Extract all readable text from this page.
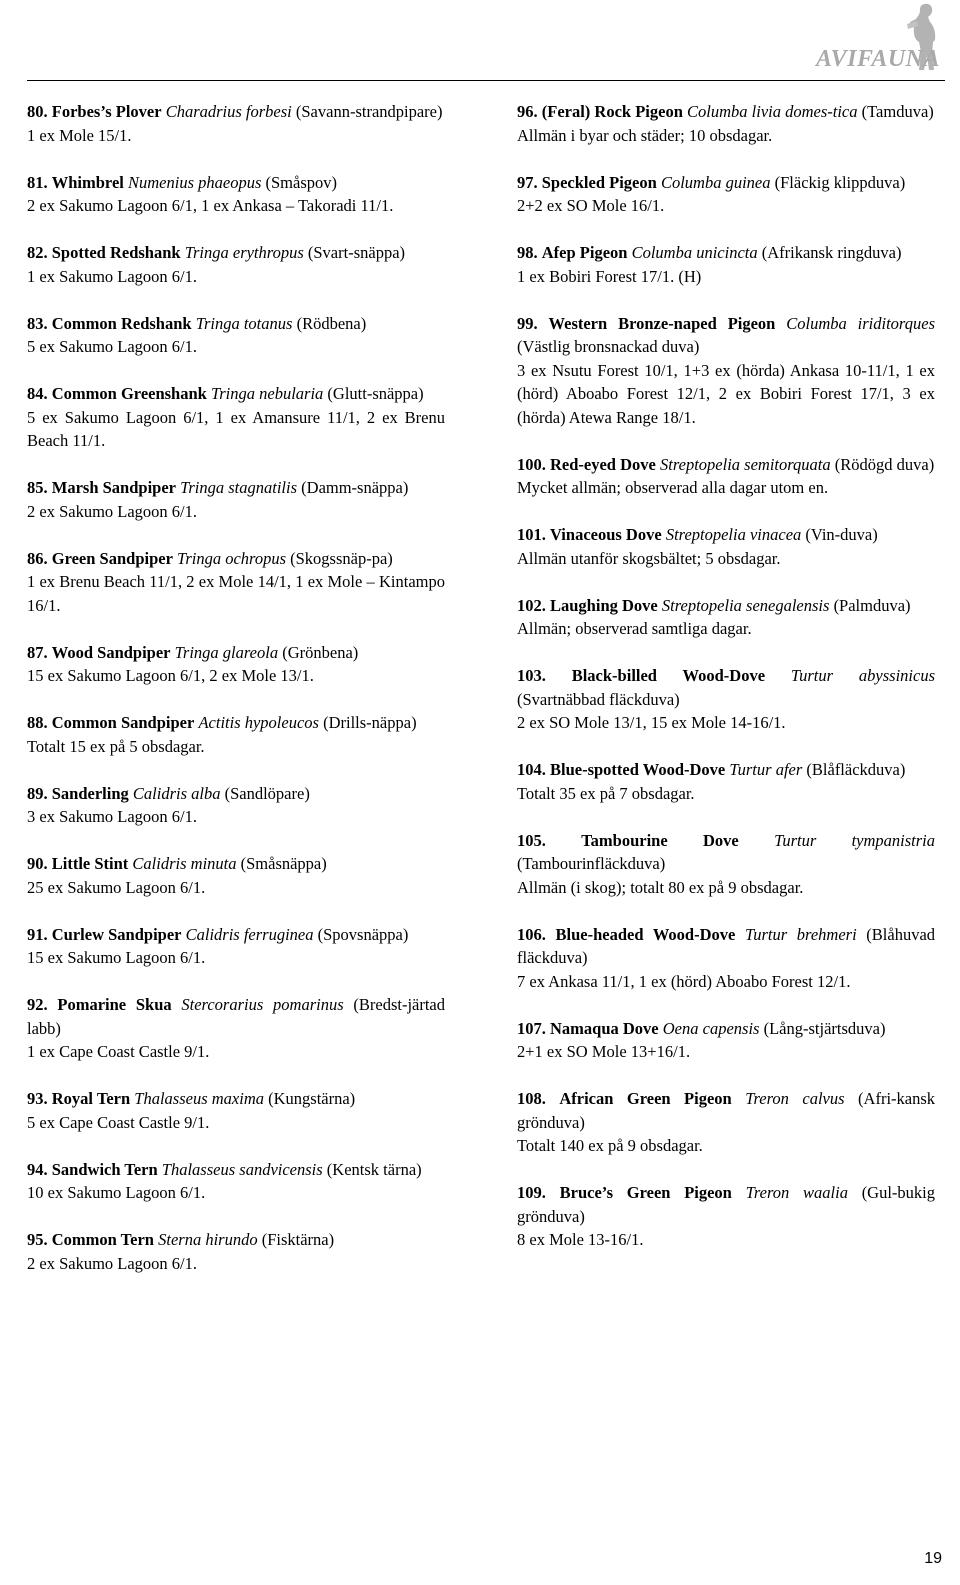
AVIFAUNA
80. Forbes’s Plover Charadrius forbesi (Savann-strandpipare)
1 ex Mole 15/1.
81. Whimbrel Numenius phaeopus (Småspov)
2 ex Sakumo Lagoon 6/1, 1 ex Ankasa – Takoradi 11/1.
82. Spotted Redshank Tringa erythropus (Svart-snäppa)
1 ex Sakumo Lagoon 6/1.
83. Common Redshank Tringa totanus (Rödbena)
5 ex Sakumo Lagoon 6/1.
84. Common Greenshank Tringa nebularia (Glutt-snäppa)
5 ex Sakumo Lagoon 6/1, 1 ex Amansure 11/1, 2 ex Brenu Beach 11/1.
85. Marsh Sandpiper Tringa stagnatilis (Damm-snäppa)
2 ex Sakumo Lagoon 6/1.
86. Green Sandpiper Tringa ochropus (Skogssnäp-pa)
1 ex Brenu Beach 11/1, 2 ex Mole 14/1, 1 ex Mole – Kintampo 16/1.
87. Wood Sandpiper Tringa glareola (Grönbena)
15 ex Sakumo Lagoon 6/1, 2 ex Mole 13/1.
88. Common Sandpiper Actitis hypoleucos (Drills-näppa)
Totalt 15 ex på 5 obsdagar.
89. Sanderling Calidris alba (Sandlöpare)
3 ex Sakumo Lagoon 6/1.
90. Little Stint Calidris minuta (Småsnäppa)
25 ex Sakumo Lagoon 6/1.
91. Curlew Sandpiper Calidris ferruginea (Spovsnäppa)
15 ex Sakumo Lagoon 6/1.
92. Pomarine Skua Stercorarius pomarinus (Bredst-järtad labb)
1 ex Cape Coast Castle 9/1.
93. Royal Tern Thalasseus maxima (Kungstärna)
5 ex Cape Coast Castle 9/1.
94. Sandwich Tern Thalasseus sandvicensis (Kentsk tärna)
10 ex Sakumo Lagoon 6/1.
95. Common Tern Sterna hirundo (Fisktärna)
2 ex Sakumo Lagoon 6/1.
96. (Feral) Rock Pigeon Columba livia domes-tica (Tamduva)
Allmän i byar och städer; 10 obsdagar.
97. Speckled Pigeon Columba guinea (Fläckig klippduva)
2+2 ex SO Mole 16/1.
98. Afep Pigeon Columba unicincta (Afrikansk ringduva)
1 ex Bobiri Forest 17/1. (H)
99. Western Bronze-naped Pigeon Columba iriditorques (Västlig bronsnackad duva)
3 ex Nsutu Forest 10/1, 1+3 ex (hörda) Ankasa 10-11/1, 1 ex (hörd) Aboabo Forest 12/1, 2 ex Bobiri Forest 17/1, 3 ex (hörda) Atewa Range 18/1.
100. Red-eyed Dove Streptopelia semitorquata (Rödögd duva)
Mycket allmän; observerad alla dagar utom en.
101. Vinaceous Dove Streptopelia vinacea (Vin-duva)
Allmän utanför skogsbältet; 5 obsdagar.
102. Laughing Dove Streptopelia senegalensis (Palmduva)
Allmän; observerad samtliga dagar.
103. Black-billed Wood-Dove Turtur abyssinicus (Svartnäbbad fläckduva)
2 ex SO Mole 13/1, 15 ex Mole 14-16/1.
104. Blue-spotted Wood-Dove Turtur afer (Blåfläckduva)
Totalt 35 ex på 7 obsdagar.
105. Tambourine Dove Turtur tympanistria (Tambourinfläckduva)
Allmän (i skog); totalt 80 ex på 9 obsdagar.
106. Blue-headed Wood-Dove Turtur brehmeri (Blåhuvad fläckduva)
7 ex Ankasa 11/1, 1 ex (hörd) Aboabo Forest 12/1.
107. Namaqua Dove Oena capensis (Lång-stjärtsduva)
2+1 ex SO Mole 13+16/1.
108. African Green Pigeon Treron calvus (Afri-kansk grönduva)
Totalt 140 ex på 9 obsdagar.
109. Bruce’s Green Pigeon Treron waalia (Gul-bukig grönduva)
8 ex Mole 13-16/1.
19
